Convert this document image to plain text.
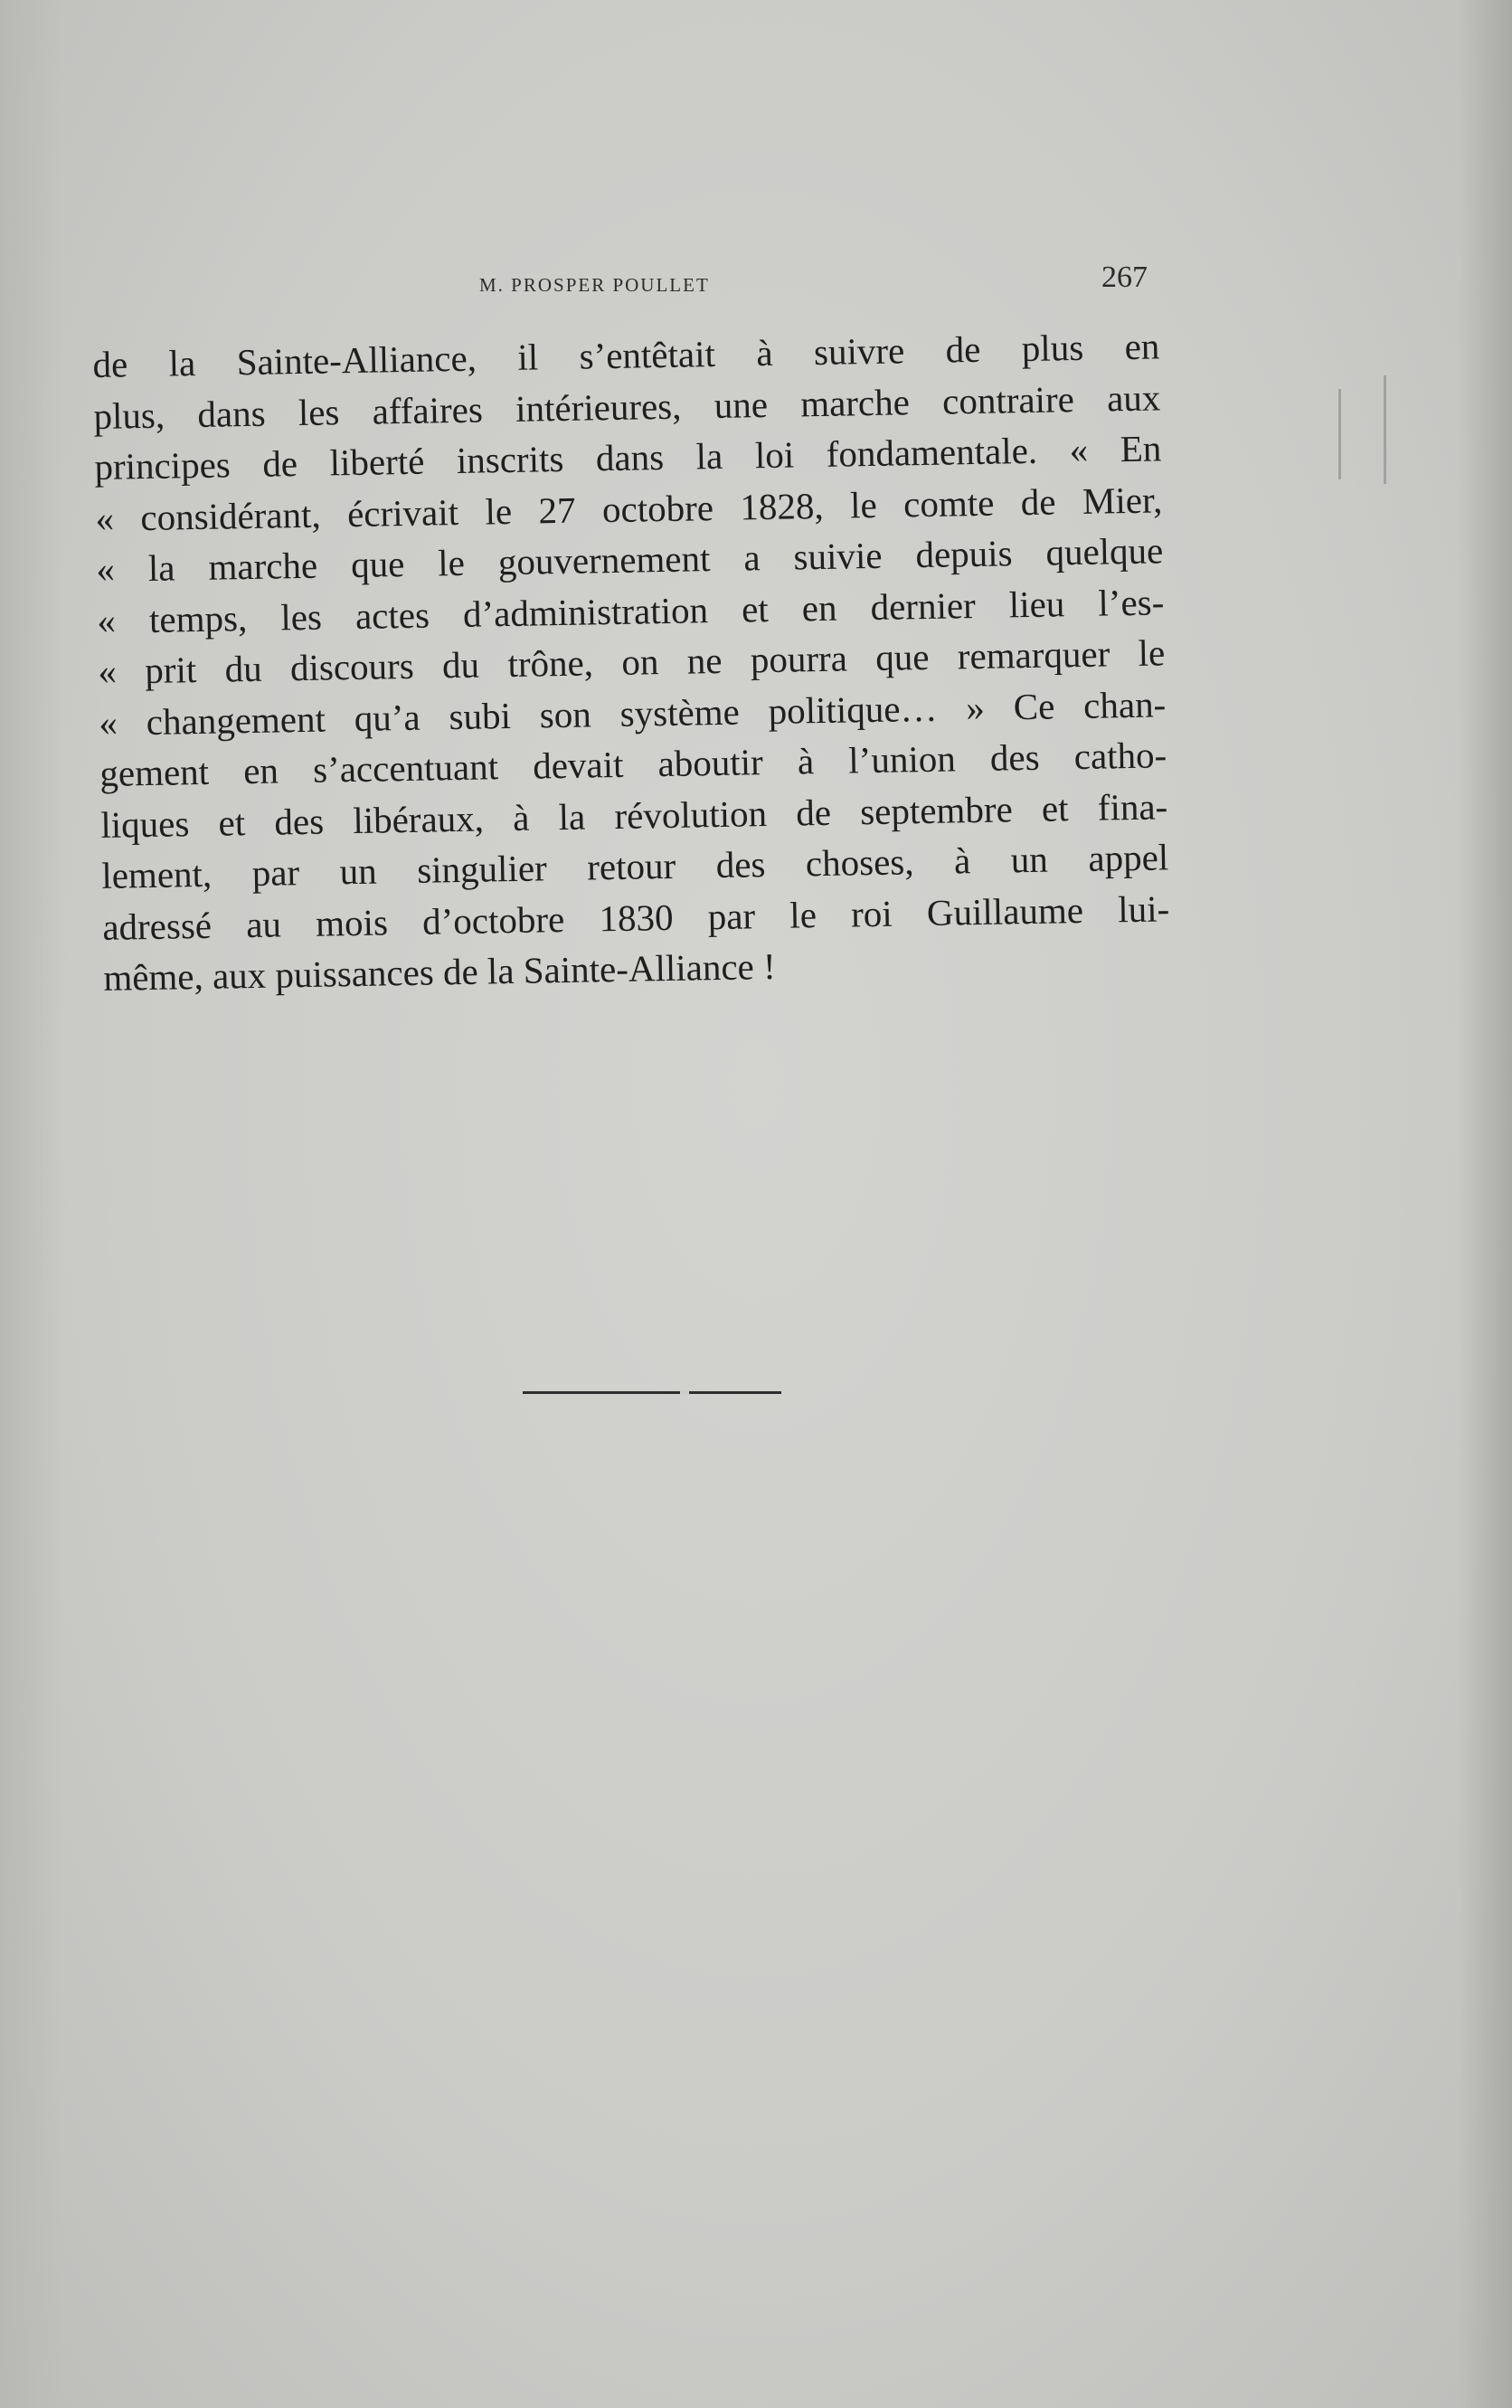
M. PROSPER POULLET	267
de la Sainte-Alliance, il s’entêtait à suivre de plus en
plus, dans les affaires intérieures, une marche contraire aux
principes de liberté inscrits dans la loi fondamentale. « En
« considérant, écrivait le 27 octobre 1828, le comte de Mier,
« la marche que le gouvernement a suivie depuis quelque
« temps, les actes d’administration et en dernier lieu l’es-
« prit du discours du trône, on ne pourra que remarquer le
« changement qu’a subi son système politique… » Ce chan-
gement en s’accentuant devait aboutir à l’union des catho-
liques et des libéraux, à la révolution de septembre et fina-
lement, par un singulier retour des choses, à un appel
adressé au mois d’octobre 1830 par le roi Guillaume lui-
même, aux puissances de la Sainte-Alliance !
